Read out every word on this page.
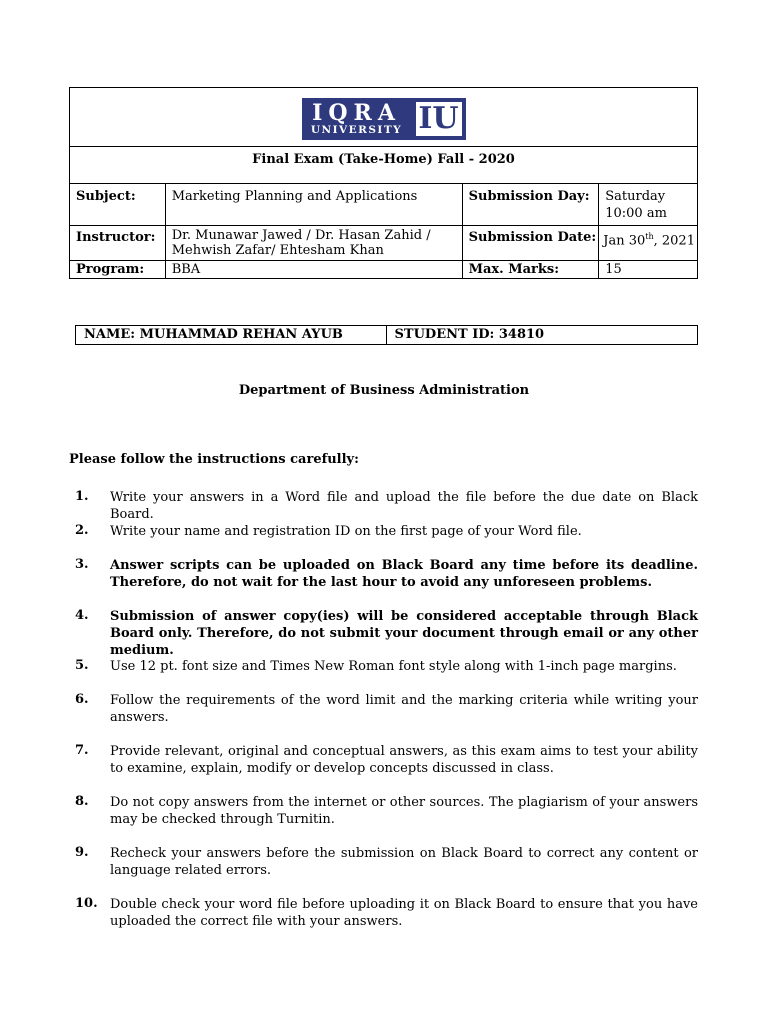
IQRA
UNIVERSITY IU			

Final Exam (Take-Home) Fall - 2020			
Subject:	Marketing Planning and Applications	Submission Day:	Saturday
10:00 am

Instructor:	Dr. Munawar Jawed / Dr. Hasan Zahid / Mehwish Zafar/ Ehtesham Khan	Submission Date:	Jan 30th, 2021
Program:	BBA	Max. Marks:	15
NAME: MUHAMMAD REHAN AYUB	STUDENT ID: 34810
Department of Business Administration
Please follow the instructions carefully:
1.	Write your answers in a Word file and upload the file before the due date on Black Board.
2.	Write your name and registration ID on the first page of your Word file.
3.	Answer scripts can be uploaded on Black Board any time before its deadline. Therefore, do not wait for the last hour to avoid any unforeseen problems.
4.	Submission of answer copy(ies) will be considered acceptable through Black Board only. Therefore, do not submit your document through email or any other medium.
5.	Use 12 pt. font size and Times New Roman font style along with 1-inch page margins.
6.	Follow the requirements of the word limit and the marking criteria while writing your answers.
7.	Provide relevant, original and conceptual answers, as this exam aims to test your ability to examine, explain, modify or develop concepts discussed in class.
8.	Do not copy answers from the internet or other sources. The plagiarism of your answers may be checked through Turnitin.
9.	Recheck your answers before the submission on Black Board to correct any content or language related errors.
10. Double check your word file before uploading it on Black Board to ensure that you have uploaded the correct file with your answers.
